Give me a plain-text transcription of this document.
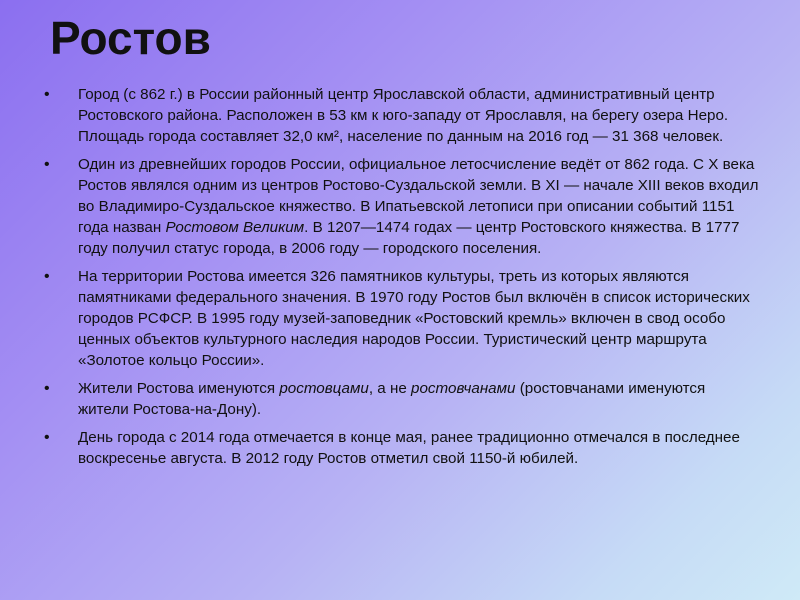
Ростов
• Город (с 862 г.) в России районный центр Ярославской области, административный центр Ростовского района. Расположен в 53 км к юго-западу от Ярославля, на берегу озера Неро. Площадь города составляет 32,0 км², население по данным на 2016 год — 31 368 человек.
• Один из древнейших городов России, официальное летосчисление ведёт от 862 года. С X века Ростов являлся одним из центров Ростово-Суздальской земли. В XI — начале XIII веков входил во Владимиро-Суздальское княжество. В Ипатьевской летописи при описании событий 1151 года назван Ростовом Великим. В 1207—1474 годах — центр Ростовского княжества. В 1777 году получил статус города, в 2006 году — городского поселения.
• На территории Ростова имеется 326 памятников культуры, треть из которых являются памятниками федерального значения. В 1970 году Ростов был включён в список исторических городов РСФСР. В 1995 году музей-заповедник «Ростовский кремль» включен в свод особо ценных объектов культурного наследия народов России. Туристический центр маршрута «Золотое кольцо России».
• Жители Ростова именуются ростовцами, а не ростовчанами (ростовчанами именуются жители Ростова-на-Дону).
• День города с 2014 года отмечается в конце мая, ранее традиционно отмечался в последнее воскресенье августа. В 2012 году Ростов отметил свой 1150-й юбилей.
